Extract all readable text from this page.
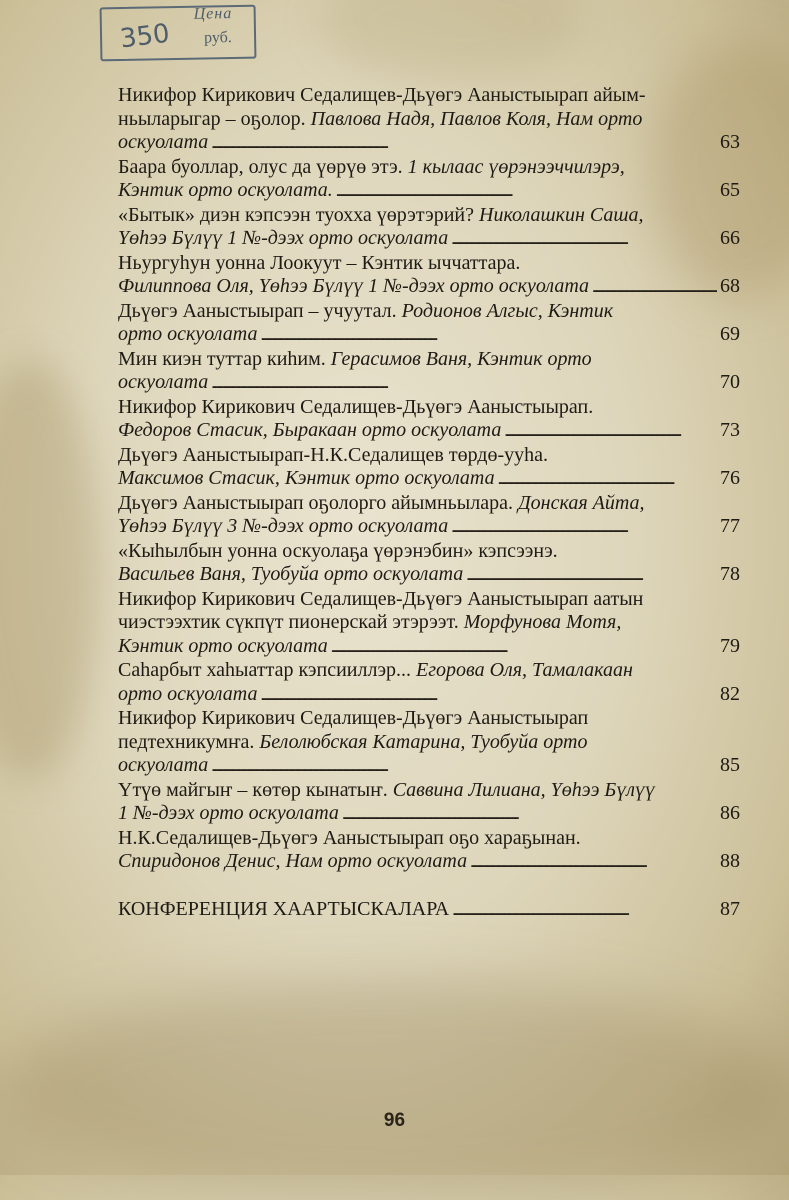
Цена
350 руб.
Никифор Кирикович Седалищев-Дьүөгэ Ааныстыырап айым-
ньыларыгар – оҕолор. Павлова Надя, Павлов Коля, Нам орто
оскуолата . . .	63
Баара буоллар, олус да үөрүө этэ. 1 кылаас үөрэнээччилэрэ,
Кэнтик орто оскуолата. . . .	65
«Бытык» диэн кэпсээн туохха үөрэтэрий? Николашкин Саша,
Үөһээ Бүлүү 1 №-дээх орто оскуолата . . .	66
Ньургуһун уонна Лоокуут – Кэнтик ыччаттара.
Филиппова Оля, Үөһээ Бүлүү 1 №-дээх орто оскуолата . . .	68
Дьүөгэ Ааныстыырап – учуутал. Родионов Алгыс, Кэнтик
орто оскуолата . . .	69
Мин киэн туттар киһим. Герасимов Ваня, Кэнтик орто
оскуолата . . .	70
Никифор Кирикович Седалищев-Дьүөгэ Ааныстыырап.
Федоров Стасик, Быракаан орто оскуолата . . .	73
Дьүөгэ Ааныстыырап-Н.К.Седалищев төрдө-ууһа.
Максимов Стасик, Кэнтик орто оскуолата . . .	76
Дьүөгэ Ааныстыырап оҕолорго айымньылара. Донская Айта,
Үөһээ Бүлүү 3 №-дээх орто оскуолата . . .	77
«Кыһылбын уонна оскуолаҕа үөрэнэбин» кэпсээнэ.
Васильев Ваня, Туобуйа орто оскуолата . . .	78
Никифор Кирикович Седалищев-Дьүөгэ Ааныстыырап аатын
чиэстээхтик сүкпүт пионерскай этэрээт. Морфунова Мотя,
Кэнтик орто оскуолата . . .	79
Саһарбыт хаһыаттар кэпсииллэр... Егорова Оля, Тамалакаан
орто оскуолата . . .	82
Никифор Кирикович Седалищев-Дьүөгэ Ааныстыырап
педтехникумҥа. Белолюбская Катарина, Туобуйа орто
оскуолата . . .	85
Үтүө майгыҥ – көтөр кынатыҥ. Саввина Лилиана, Үөһээ Бүлүү
1 №-дээх орто оскуолата . . .	86
Н.К.Седалищев-Дьүөгэ Ааныстыырап оҕо хараҕынан.
Спиридонов Денис, Нам орто оскуолата . . .	88
КОНФЕРЕНЦИЯ ХААРТЫСКАЛАРА . . .	87
96
